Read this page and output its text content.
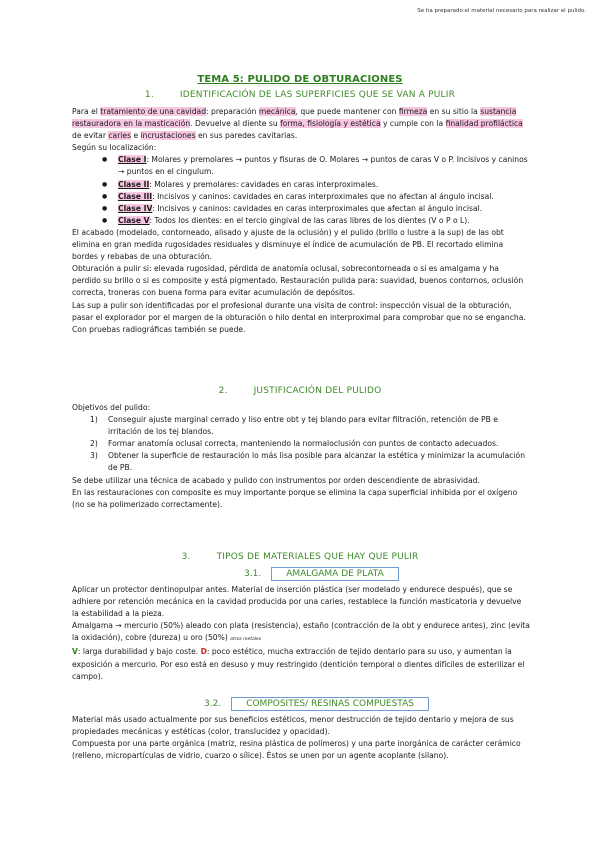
Se ha preparado el material necesario para realizar el pulido.
TEMA 5: PULIDO DE OBTURACIONES
1.	IDENTIFICACIÓN DE LAS SUPERFICIES QUE SE VAN A PULIR

Para el tratamiento de una cavidad: preparación mecánica, que puede mantener con firmeza en su sitio la sustancia restauradora en la masticación. Devuelve al diente su forma, fisiología y estética y cumple con la finalidad profiláctica de evitar caries e incrustaciones en sus paredes cavitarias.

Según su localización:

● Clase I: Molares y premolares → puntos y fisuras de O. Molares → puntos de caras V o P. Incisivos y caninos → puntos en el cingulum.
● Clase II: Molares y premolares: cavidades en caras interproximales.
● Clase III: Incisivos y caninos: cavidades en caras interproximales que no afectan al ángulo incisal.
● Clase IV: Incisivos y caninos: cavidades en caras interproximales que afectan al ángulo incisal.
● Clase V: Todos los dientes: en el tercio gingival de las caras libres de los dientes (V o P o L).

El acabado (modelado, contorneado, alisado y ajuste de la oclusión) y el pulido (brillo o lustre a la sup) de las obt elimina en gran medida rugosidades residuales y disminuye el índice de acumulación de PB. El recortado elimina bordes y rebabas de una obturación.

Obturación a pulir si: elevada rugosidad, pérdida de anatomía oclusal, sobrecontorneada o si es amalgama y ha perdido su brillo o si es composite y está pigmentado. Restauración pulida para: suavidad, buenos contornos, oclusión correcta, troneras con buena forma para evitar acumulación de depósitos.

Las sup a pulir son identificadas por el profesional durante una visita de control: inspección visual de la obturación, pasar el explorador por el margen de la obturación o hilo dental en interproximal para comprobar que no se engancha. Con pruebas radiográficas también se puede.

2.	JUSTIFICACIÓN DEL PULIDO

Objetivos del pulido:

1) Conseguir ajuste marginal cerrado y liso entre obt y tej blando para evitar filtración, retención de PB e irritación de los tej blandos.
2) Formar anatomía oclusal correcta, manteniendo la normaloclusión con puntos de contacto adecuados.
3) Obtener la superficie de restauración lo más lisa posible para alcanzar la estética y minimizar la acumulación de PB.

Se debe utilizar una técnica de acabado y pulido con instrumentos por orden descendiente de abrasividad.

En las restauraciones con composite es muy importante porque se elimina la capa superficial inhibida por el oxígeno (no se ha polimerizado correctamente).

3.	TIPOS DE MATERIALES QUE HAY QUE PULIR
3.1.	AMALGAMA DE PLATA

Aplicar un protector dentinopulpar antes. Material de inserción plástica (ser modelado y endurece después), que se adhiere por retención mecánica en la cavidad producida por una caries, restablece la función masticatoria y devuelve la estabilidad a la pieza.

Amalgama → mercurio (50%) aleado con plata (resistencia), estaño (contracción de la obt y endurece antes), zinc (evita la oxidación), cobre (dureza) u oro (50%) otros metales

V: larga durabilidad y bajo coste. D: poco estético, mucha extracción de tejido dentario para su uso, y aumentan la exposición a mercurio. Por eso está en desuso y muy restringido (dentición temporal o dientes difíciles de esterilizar el campo).

3.2.	COMPOSITES/ RESINAS COMPUESTAS

Material más usado actualmente por sus beneficios estéticos, menor destrucción de tejido dentario y mejora de sus propiedades mecánicas y estéticas (color, translucidez y opacidad).

Compuesta por una parte orgánica (matriz, resina plástica de polímeros) y una parte inorgánica de carácter cerámico (relleno, micropartículas de vidrio, cuarzo o sílice). Éstos se unen por un agente acoplante (silano).
